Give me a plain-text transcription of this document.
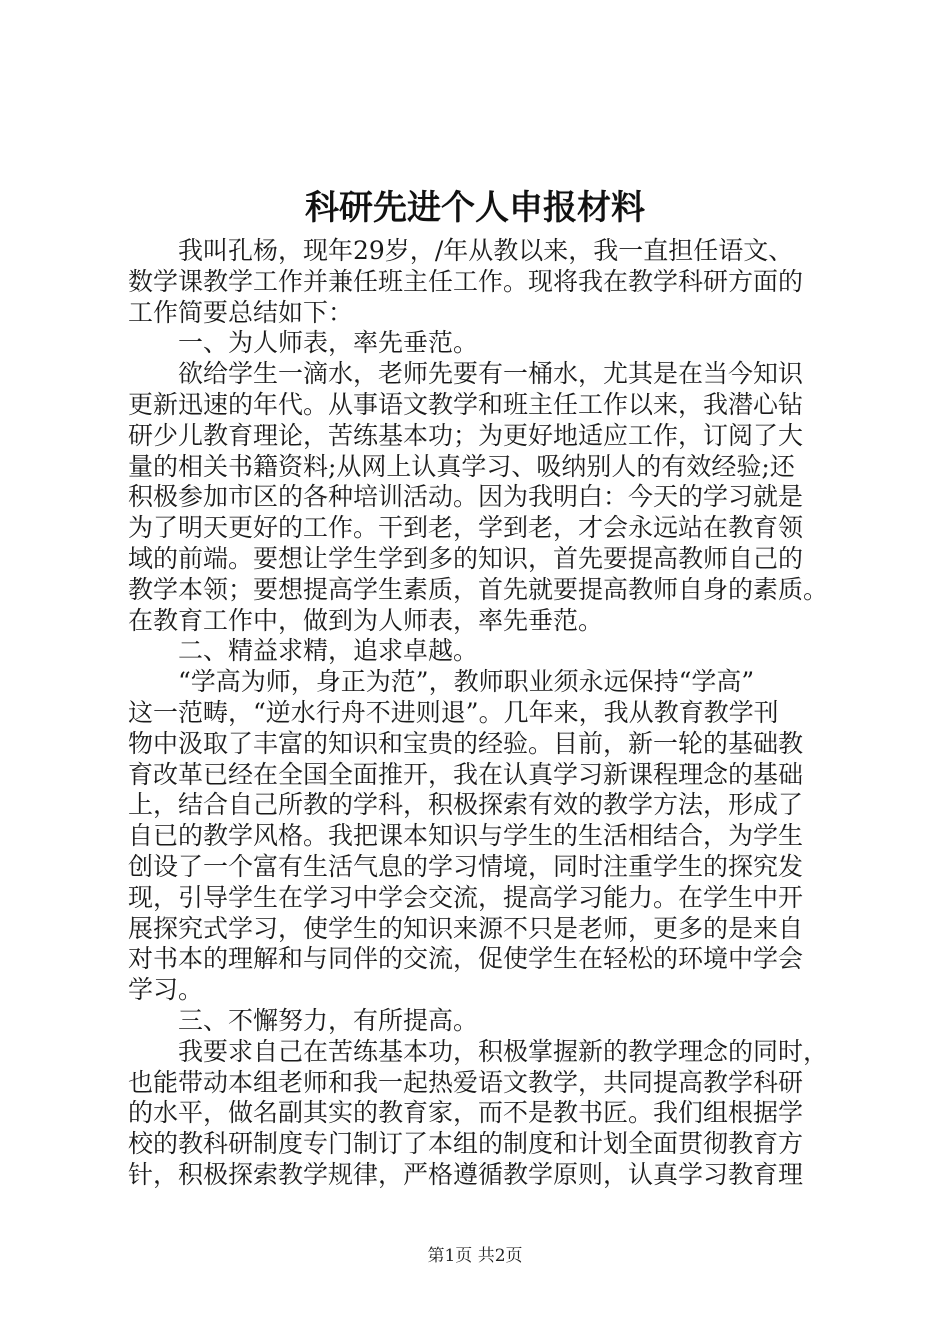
科研先进个人申报材料
　　我叫孔杨，现年29岁，/年从教以来，我一直担任语文、
数学课教学工作并兼任班主任工作。现将我在教学科研方面的
工作简要总结如下：
　　一、为人师表，率先垂范。
　　欲给学生一滴水，老师先要有一桶水，尤其是在当今知识
更新迅速的年代。从事语文教学和班主任工作以来，我潜心钻
研少儿教育理论，苦练基本功；为更好地适应工作，订阅了大
量的相关书籍资料;从网上认真学习、吸纳别人的有效经验;还
积极参加市区的各种培训活动。因为我明白：今天的学习就是
为了明天更好的工作。干到老，学到老，才会永远站在教育领
域的前端。要想让学生学到多的知识，首先要提高教师自己的
教学本领；要想提高学生素质，首先就要提高教师自身的素质。
在教育工作中，做到为人师表，率先垂范。
　　二、精益求精，追求卓越。
　　“学高为师，身正为范”，教师职业须永远保持“学高”
这一范畴，“逆水行舟不进则退”。几年来，我从教育教学刊
物中汲取了丰富的知识和宝贵的经验。目前，新一轮的基础教
育改革已经在全国全面推开，我在认真学习新课程理念的基础
上，结合自己所教的学科，积极探索有效的教学方法，形成了
自已的教学风格。我把课本知识与学生的生活相结合，为学生
创设了一个富有生活气息的学习情境，同时注重学生的探究发
现，引导学生在学习中学会交流，提高学习能力。在学生中开
展探究式学习，使学生的知识来源不只是老师，更多的是来自
对书本的理解和与同伴的交流，促使学生在轻松的环境中学会
学习。
　　三、不懈努力，有所提高。
　　我要求自己在苦练基本功，积极掌握新的教学理念的同时，
也能带动本组老师和我一起热爱语文教学，共同提高教学科研
的水平，做名副其实的教育家，而不是教书匠。我们组根据学
校的教科研制度专门制订了本组的制度和计划全面贯彻教育方
针，积极探索教学规律，严格遵循教学原则，认真学习教育理
第1页 共2页
